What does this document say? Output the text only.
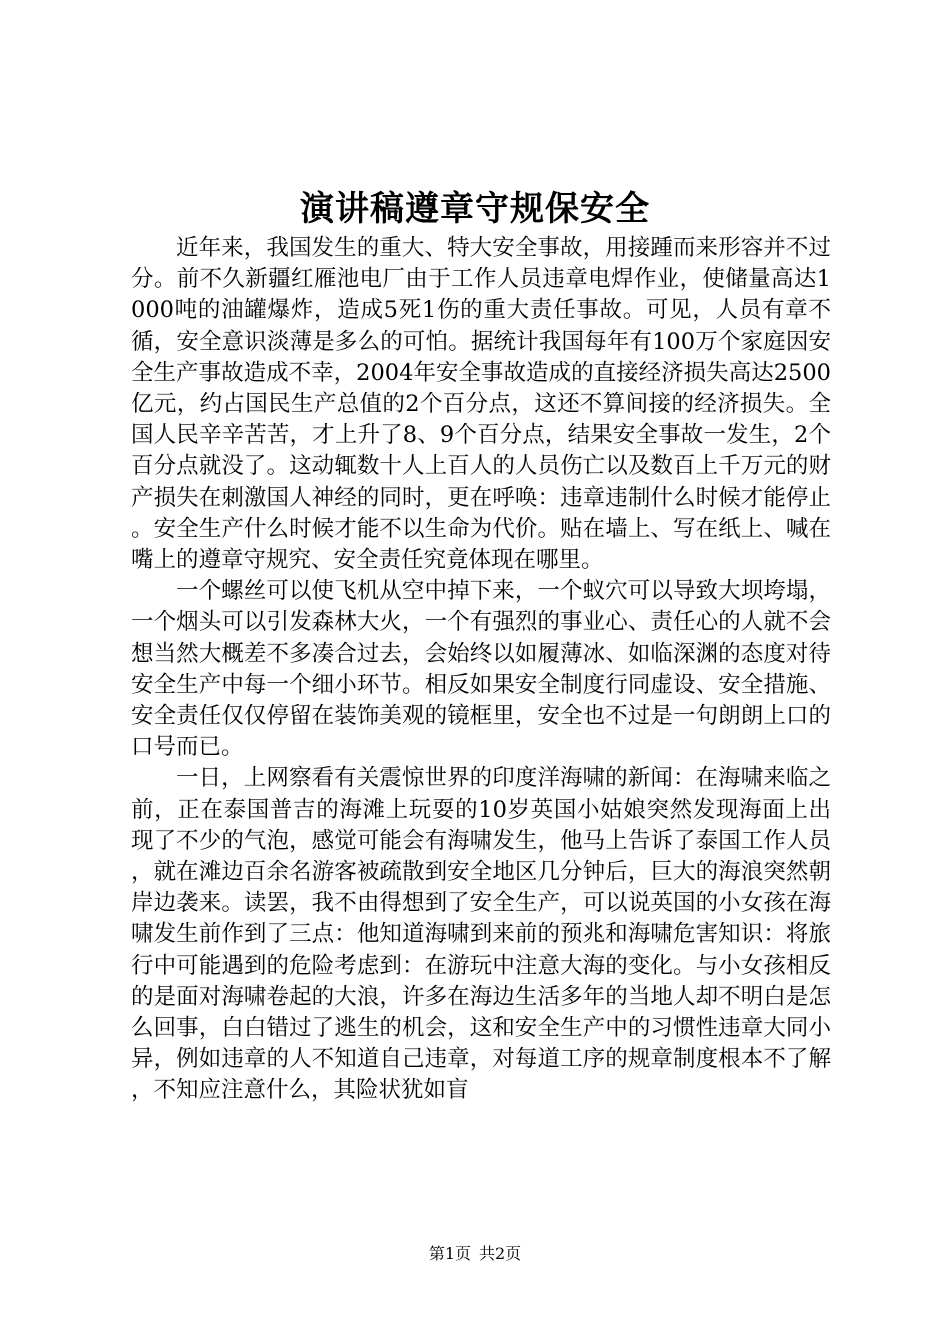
演讲稿遵章守规保安全

近年来，我国发生的重大、特大安全事故，用接踵而来形容并不过分。前不久新疆红雁池电厂由于工作人员违章电焊作业，使储量高达1000吨的油罐爆炸，造成5死1伤的重大责任事故。可见，人员有章不循，安全意识淡薄是多么的可怕。据统计我国每年有100万个家庭因安全生产事故造成不幸，2004年安全事故造成的直接经济损失高达2500亿元，约占国民生产总值的2个百分点，这还不算间接的经济损失。全国人民辛辛苦苦，才上升了8、9个百分点，结果安全事故一发生，2个百分点就没了。这动辄数十人上百人的人员伤亡以及数百上千万元的财产损失在刺激国人神经的同时，更在呼唤：违章违制什么时候才能停止。安全生产什么时候才能不以生命为代价。贴在墙上、写在纸上、喊在嘴上的遵章守规究、安全责任究竟体现在哪里。

一个螺丝可以使飞机从空中掉下来，一个蚁穴可以导致大坝垮塌，一个烟头可以引发森林大火，一个有强烈的事业心、责任心的人就不会想当然大概差不多凑合过去，会始终以如履薄冰、如临深渊的态度对待安全生产中每一个细小环节。相反如果安全制度行同虚设、安全措施、安全责任仅仅停留在装饰美观的镜框里，安全也不过是一句朗朗上口的口号而已。

一日，上网察看有关震惊世界的印度洋海啸的新闻：在海啸来临之前，正在泰国普吉的海滩上玩耍的10岁英国小姑娘突然发现海面上出现了不少的气泡，感觉可能会有海啸发生，他马上告诉了泰国工作人员，就在滩边百余名游客被疏散到安全地区几分钟后，巨大的海浪突然朝岸边袭来。读罢，我不由得想到了安全生产，可以说英国的小女孩在海啸发生前作到了三点：他知道海啸到来前的预兆和海啸危害知识：将旅行中可能遇到的危险考虑到：在游玩中注意大海的变化。与小女孩相反的是面对海啸卷起的大浪，许多在海边生活多年的当地人却不明白是怎么回事，白白错过了逃生的机会，这和安全生产中的习惯性违章大同小异，例如违章的人不知道自己违章，对每道工序的规章制度根本不了解，不知应注意什么，其险状犹如盲

第1页 共2页
